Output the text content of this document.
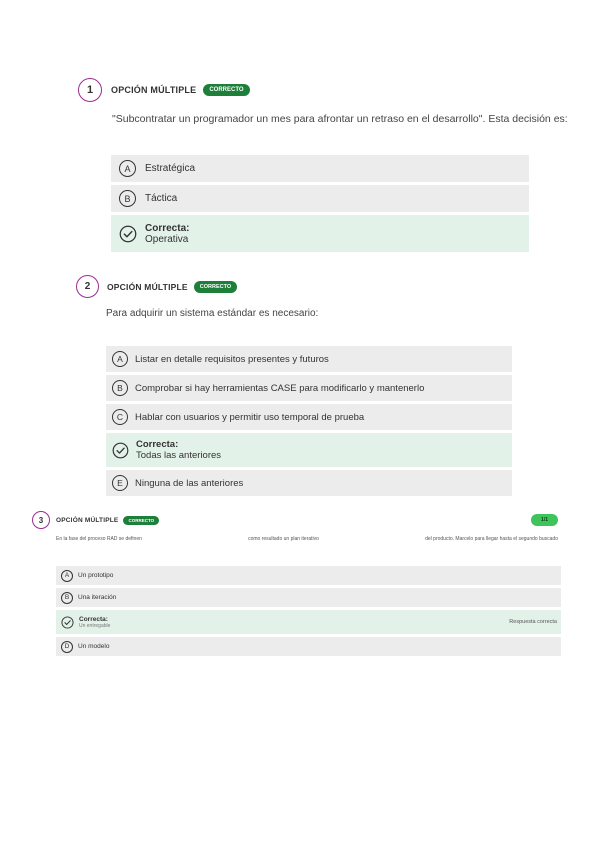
1	OPCIÓN MÚLTIPLE	CORRECTO
"Subcontratar un programador un mes para afrontar un retraso en el desarrollo". Esta decisión es:
A	Estratégica
B	Táctica
Correcta:
Operativa
2	OPCIÓN MÚLTIPLE	CORRECTO
Para adquirir un sistema estándar es necesario:
A	Listar en detalle requisitos presentes y futuros
B	Comprobar si hay herramientas CASE para modificarlo y mantenerlo
C	Hablar con usuarios y permitir uso temporal de prueba
Correcta:
Todas las anteriores
E	Ninguna de las anteriores
3	OPCIÓN MÚLTIPLE	CORRECTO	1/1
En la fase del proceso RAD se definen	como resultado un plan iterativo	del producto. Marcelo para llegar hasta el segundo buscado
A	Un prototipo
B	Una iteración
Correcta:
Un entregable
Respuesta correcta
D	Un modelo
